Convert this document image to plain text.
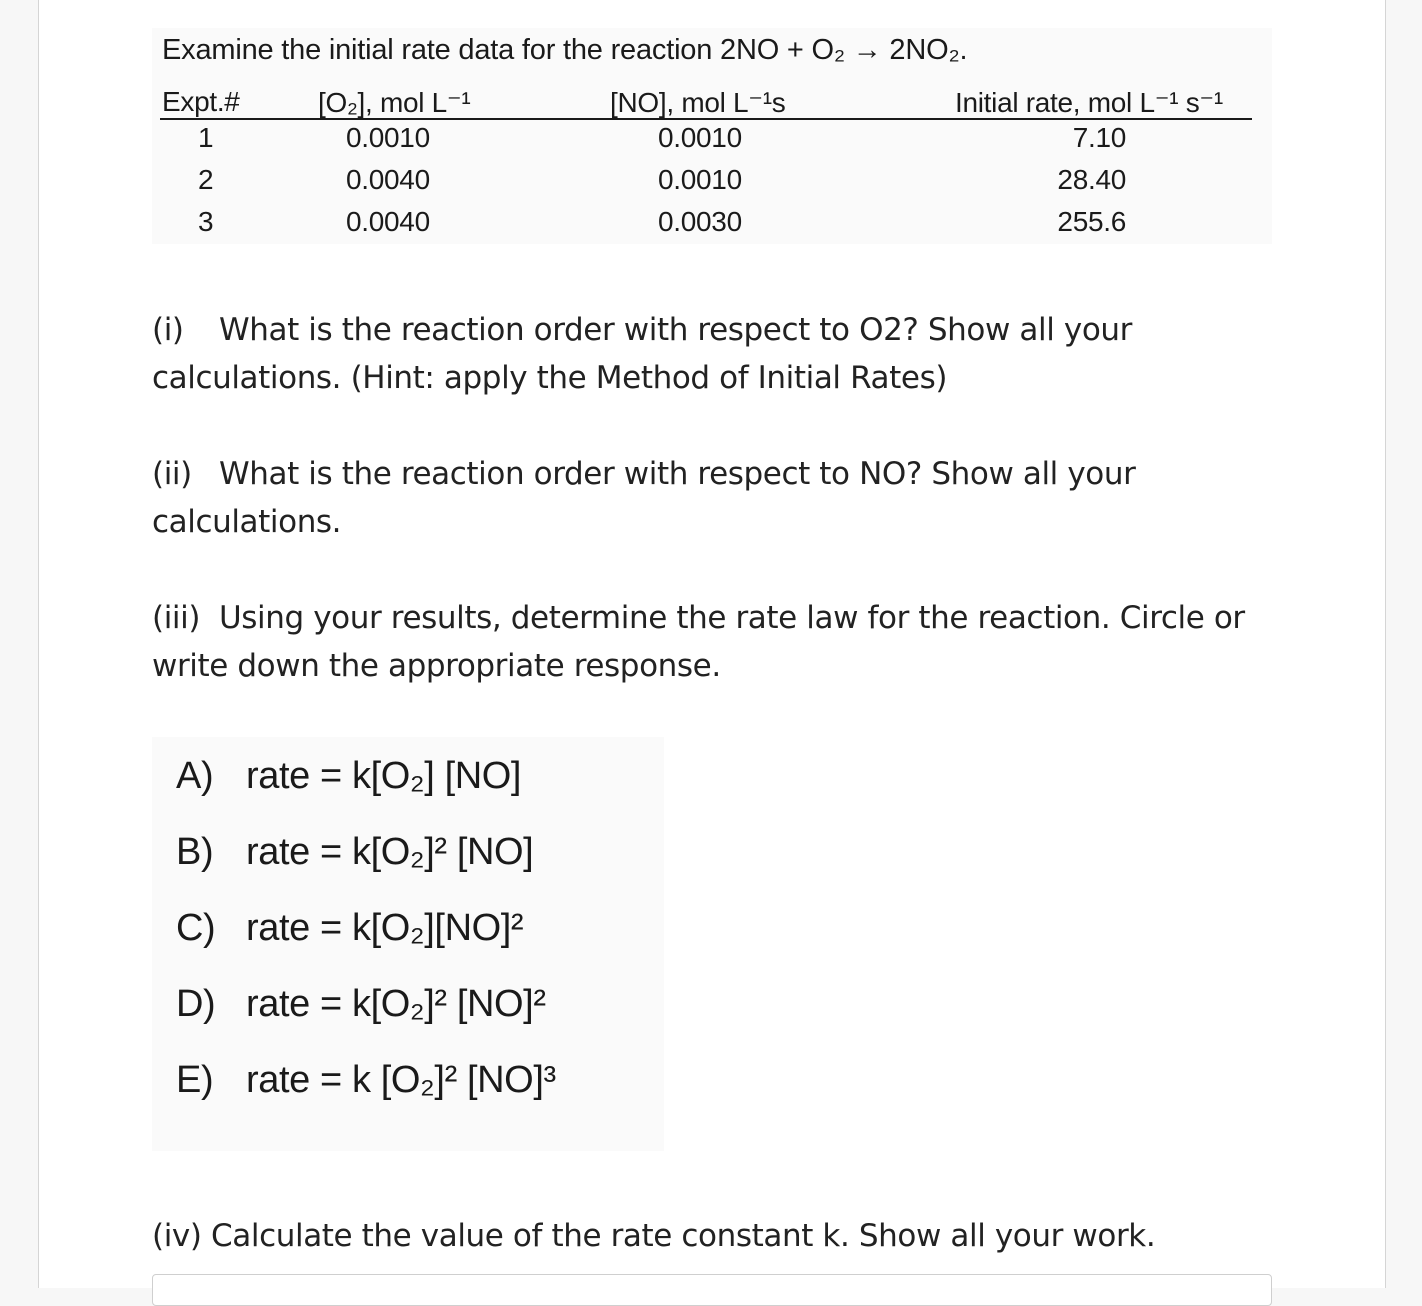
Examine the initial rate data for the reaction 2NO + O₂ → 2NO₂.
Expt.#	[O₂], mol L⁻¹	[NO], mol L⁻¹s	Initial rate, mol L⁻¹ s⁻¹
1	0.0010	0.0010	7.10
2	0.0040	0.0010	28.40
3	0.0040	0.0030	255.6
(i) What is the reaction order with respect to O2? Show all your calculations. (Hint: apply the Method of Initial Rates)
(ii) What is the reaction order with respect to NO? Show all your calculations.
(iii) Using your results, determine the rate law for the reaction. Circle or write down the appropriate response.
A) rate = k[O₂] [NO]
B) rate = k[O₂]² [NO]
C) rate = k[O₂][NO]²
D) rate = k[O₂]² [NO]²
E) rate = k [O₂]² [NO]³
(iv) Calculate the value of the rate constant k. Show all your work.
